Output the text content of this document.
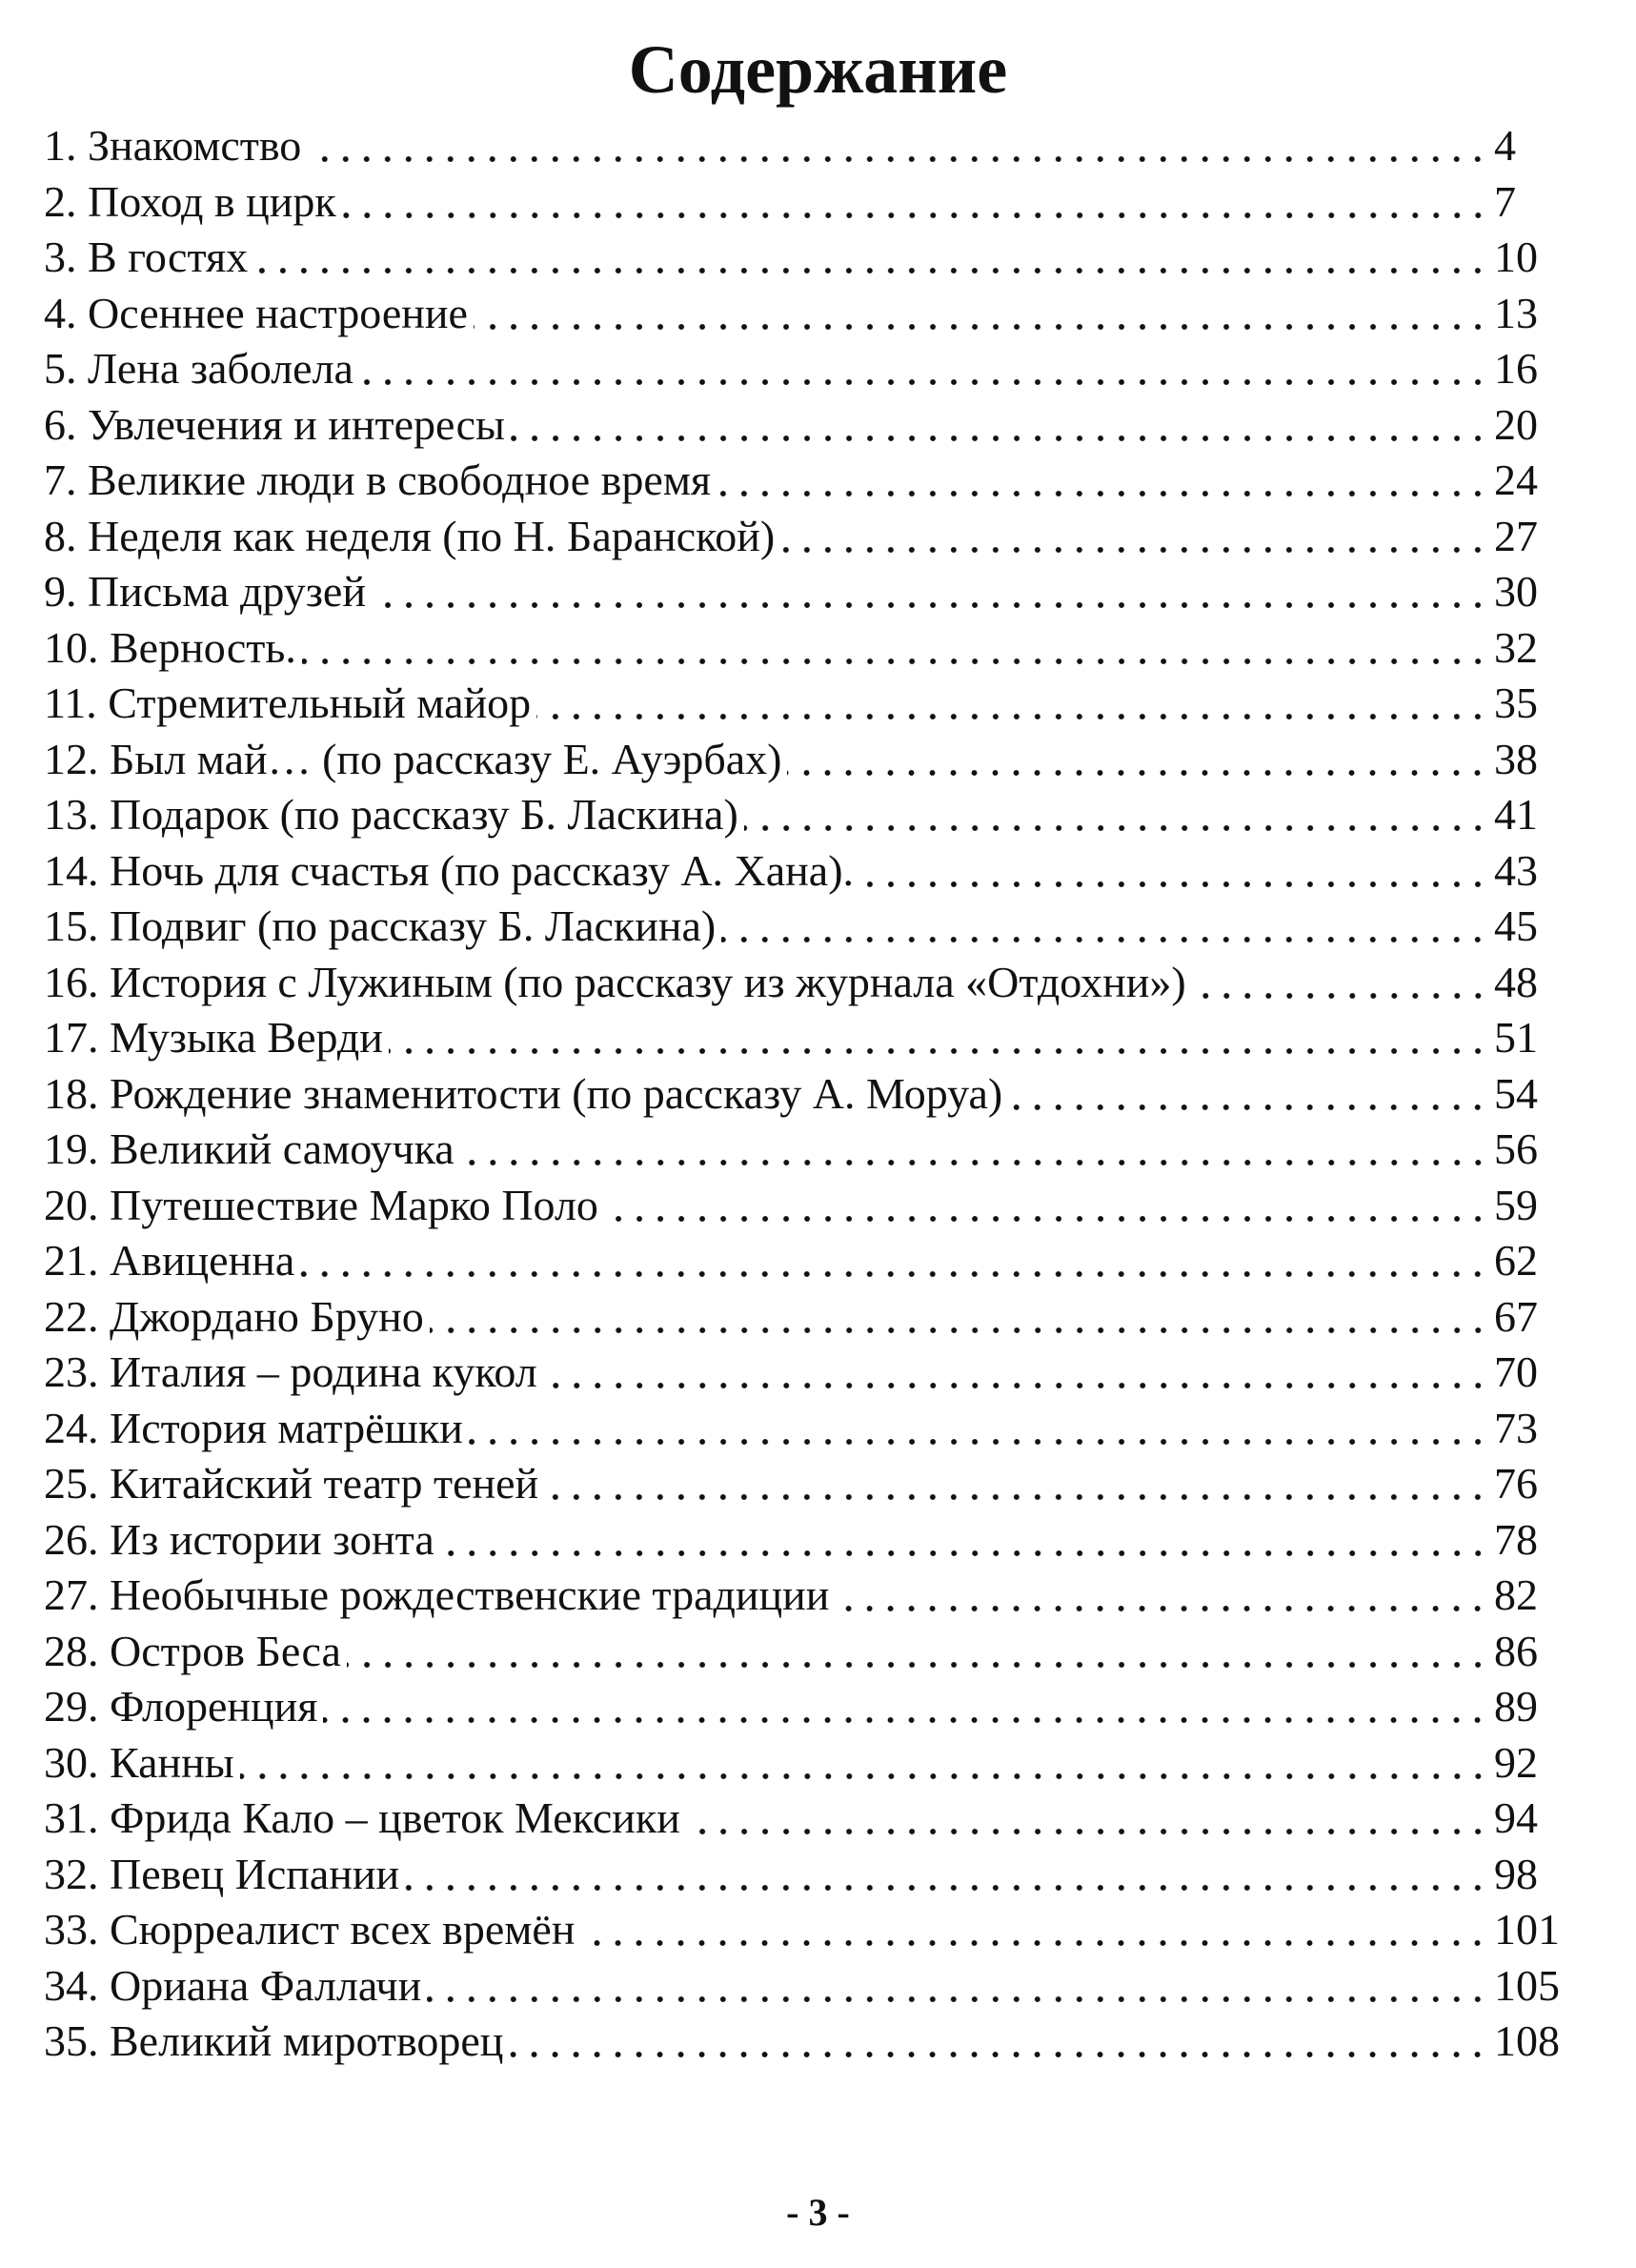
Содержание
1. Знакомство	4
2. Поход в цирк	7
3. В гостях	10
4. Осеннее настроение	13
5. Лена заболела	16
6. Увлечения и интересы	20
7. Великие люди в свободное время	24
8. Неделя как неделя (по Н. Баранской)	27
9. Письма друзей	30
10. Верность.	32
11. Стремительный майор	35
12. Был май… (по рассказу Е. Ауэрбах)	38
13. Подарок (по рассказу Б. Ласкина)	41
14. Ночь для счастья (по рассказу А. Хана).	43
15. Подвиг (по рассказу Б. Ласкина)	45
16. История с Лужиным (по рассказу из журнала «Отдохни»)	48
17. Музыка Верди	51
18. Рождение знаменитости (по рассказу А. Моруа)	54
19. Великий самоучка	56
20. Путешествие Марко Поло	59
21. Авиценна	62
22. Джордано Бруно	67
23. Италия – родина кукол	70
24. История матрёшки	73
25. Китайский театр теней	76
26. Из истории зонта	78
27. Необычные рождественские традиции	82
28. Остров Беса	86
29. Флоренция	89
30. Канны	92
31. Фрида Кало – цветок Мексики	94
32. Певец Испании	98
33. Сюрреалист всех времён	101
34. Ориана Фаллачи	105
35. Великий миротворец	108
- 3 -
